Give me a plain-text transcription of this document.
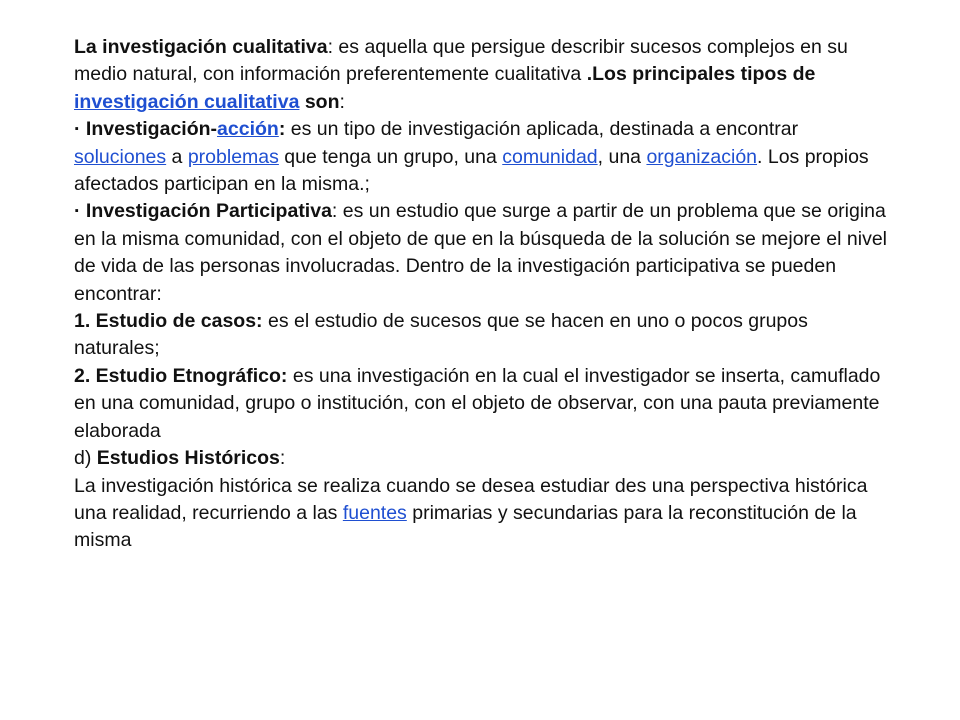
La investigación cualitativa: es aquella que persigue describir sucesos complejos en su medio natural, con información preferentemente cualitativa .Los principales tipos de investigación cualitativa son:

· Investigación-acción: es un tipo de investigación aplicada, destinada a encontrar soluciones a problemas que tenga un grupo, una comunidad, una organización. Los propios afectados participan en la misma.;

· Investigación Participativa: es un estudio que surge a partir de un problema que se origina en la misma comunidad, con el objeto de que en la búsqueda de la solución se mejore el nivel de vida de las personas involucradas. Dentro de la investigación participativa se pueden encontrar:

1. Estudio de casos: es el estudio de sucesos que se hacen en uno o pocos grupos naturales;

2. Estudio Etnográfico: es una investigación en la cual el investigador se inserta, camuflado en una comunidad, grupo o institución, con el objeto de observar, con una pauta previamente elaborada

d) Estudios Históricos:

La investigación histórica se realiza cuando se desea estudiar des una perspectiva histórica una realidad, recurriendo a las fuentes primarias y secundarias para la reconstitución de la misma
